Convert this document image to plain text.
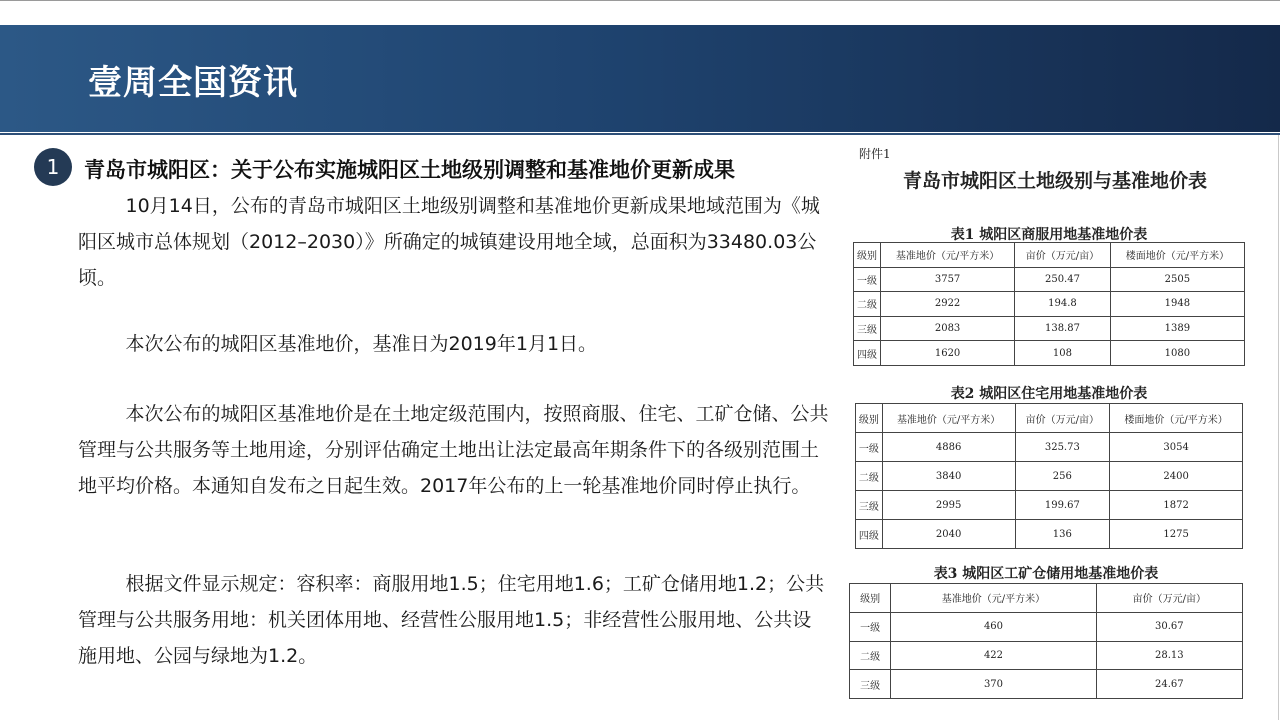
壹周全国资讯
1	青岛市城阳区：关于公布实施城阳区土地级别调整和基准地价更新成果

10月14日，公布的青岛市城阳区土地级别调整和基准地价更新成果地域范围为《城阳区城市总体规划（2012–2030）》所确定的城镇建设用地全域，总面积为33480.03公顷。

本次公布的城阳区基准地价，基准日为2019年1月1日。

本次公布的城阳区基准地价是在土地定级范围内，按照商服、住宅、工矿仓储、公共管理与公共服务等土地用途，分别评估确定土地出让法定最高年期条件下的各级别范围土地平均价格。本通知自发布之日起生效。2017年公布的上一轮基准地价同时停止执行。

根据文件显示规定：容积率：商服用地1.5；住宅用地1.6；工矿仓储用地1.2；公共管理与公共服务用地：机关团体用地、经营性公服用地1.5；非经营性公服用地、公共设施用地、公园与绿地为1.2。

附件1
青岛市城阳区土地级别与基准地价表
表1 城阳区商服用地基准地价表
级别	基准地价（元/平方米）	亩价（万元/亩）	楼面地价（元/平方米）
一级	3757	250.47	2505
二级	2922	194.8	1948
三级	2083	138.87	1389
四级	1620	108	1080
表2 城阳区住宅用地基准地价表
级别	基准地价（元/平方米）	亩价（万元/亩）	楼面地价（元/平方米）
一级	4886	325.73	3054
二级	3840	256	2400
三级	2995	199.67	1872
四级	2040	136	1275
表3 城阳区工矿仓储用地基准地价表
级别	基准地价（元/平方米）	亩价（万元/亩）
一级	460	30.67
二级	422	28.13
三级	370	24.67
